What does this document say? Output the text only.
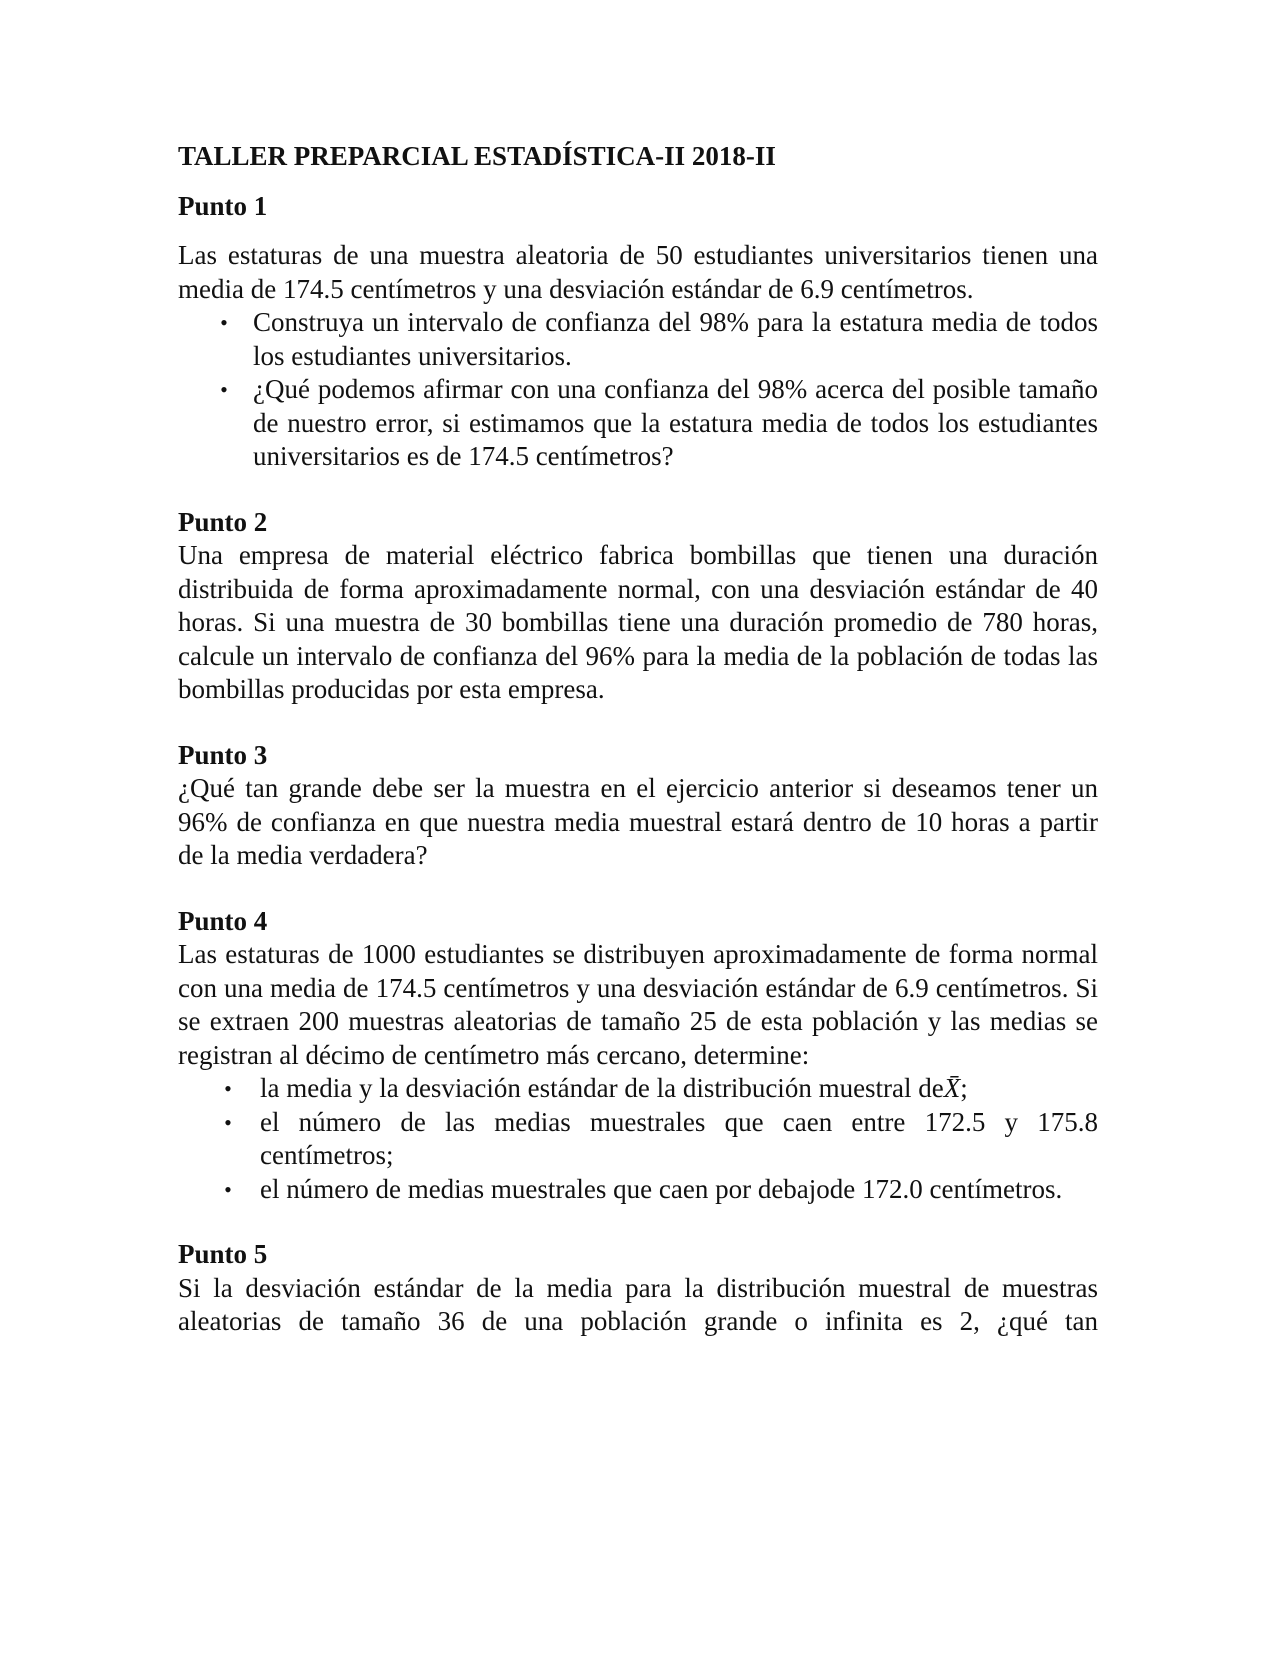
TALLER PREPARCIAL ESTADÍSTICA-II 2018-II

Punto 1

Las estaturas de una muestra aleatoria de 50 estudiantes universitarios tienen una media de 174.5 centímetros y una desviación estándar de 6.9 centímetros.

• Construya un intervalo de confianza del 98% para la estatura media de todos los estudiantes universitarios.
• ¿Qué podemos afirmar con una confianza del 98% acerca del posible tamaño de nuestro error, si estimamos que la estatura media de todos los estudiantes universitarios es de 174.5 centímetros?

Punto 2

Una empresa de material eléctrico fabrica bombillas que tienen una duración distribuida de forma aproximadamente normal, con una desviación estándar de 40 horas. Si una muestra de 30 bombillas tiene una duración promedio de 780 horas, calcule un intervalo de confianza del 96% para la media de la población de todas las bombillas producidas por esta empresa.

Punto 3

¿Qué tan grande debe ser la muestra en el ejercicio anterior si deseamos tener un 96% de confianza en que nuestra media muestral estará dentro de 10 horas a partir de la media verdadera?

Punto 4

Las estaturas de 1000 estudiantes se distribuyen aproximadamente de forma normal con una media de 174.5 centímetros y una desviación estándar de 6.9 centímetros. Si se extraen 200 muestras aleatorias de tamaño 25 de esta población y las medias se registran al décimo de centímetro más cercano, determine:

• la media y la desviación estándar de la distribución muestral deX̄;
• el número de las medias muestrales que caen entre 172.5 y 175.8 centímetros;
• el número de medias muestrales que caen por debajode 172.0 centímetros.

Punto 5

Si la desviación estándar de la media para la distribución muestral de muestras aleatorias de tamaño 36 de una población grande o infinita es 2, ¿qué tan
